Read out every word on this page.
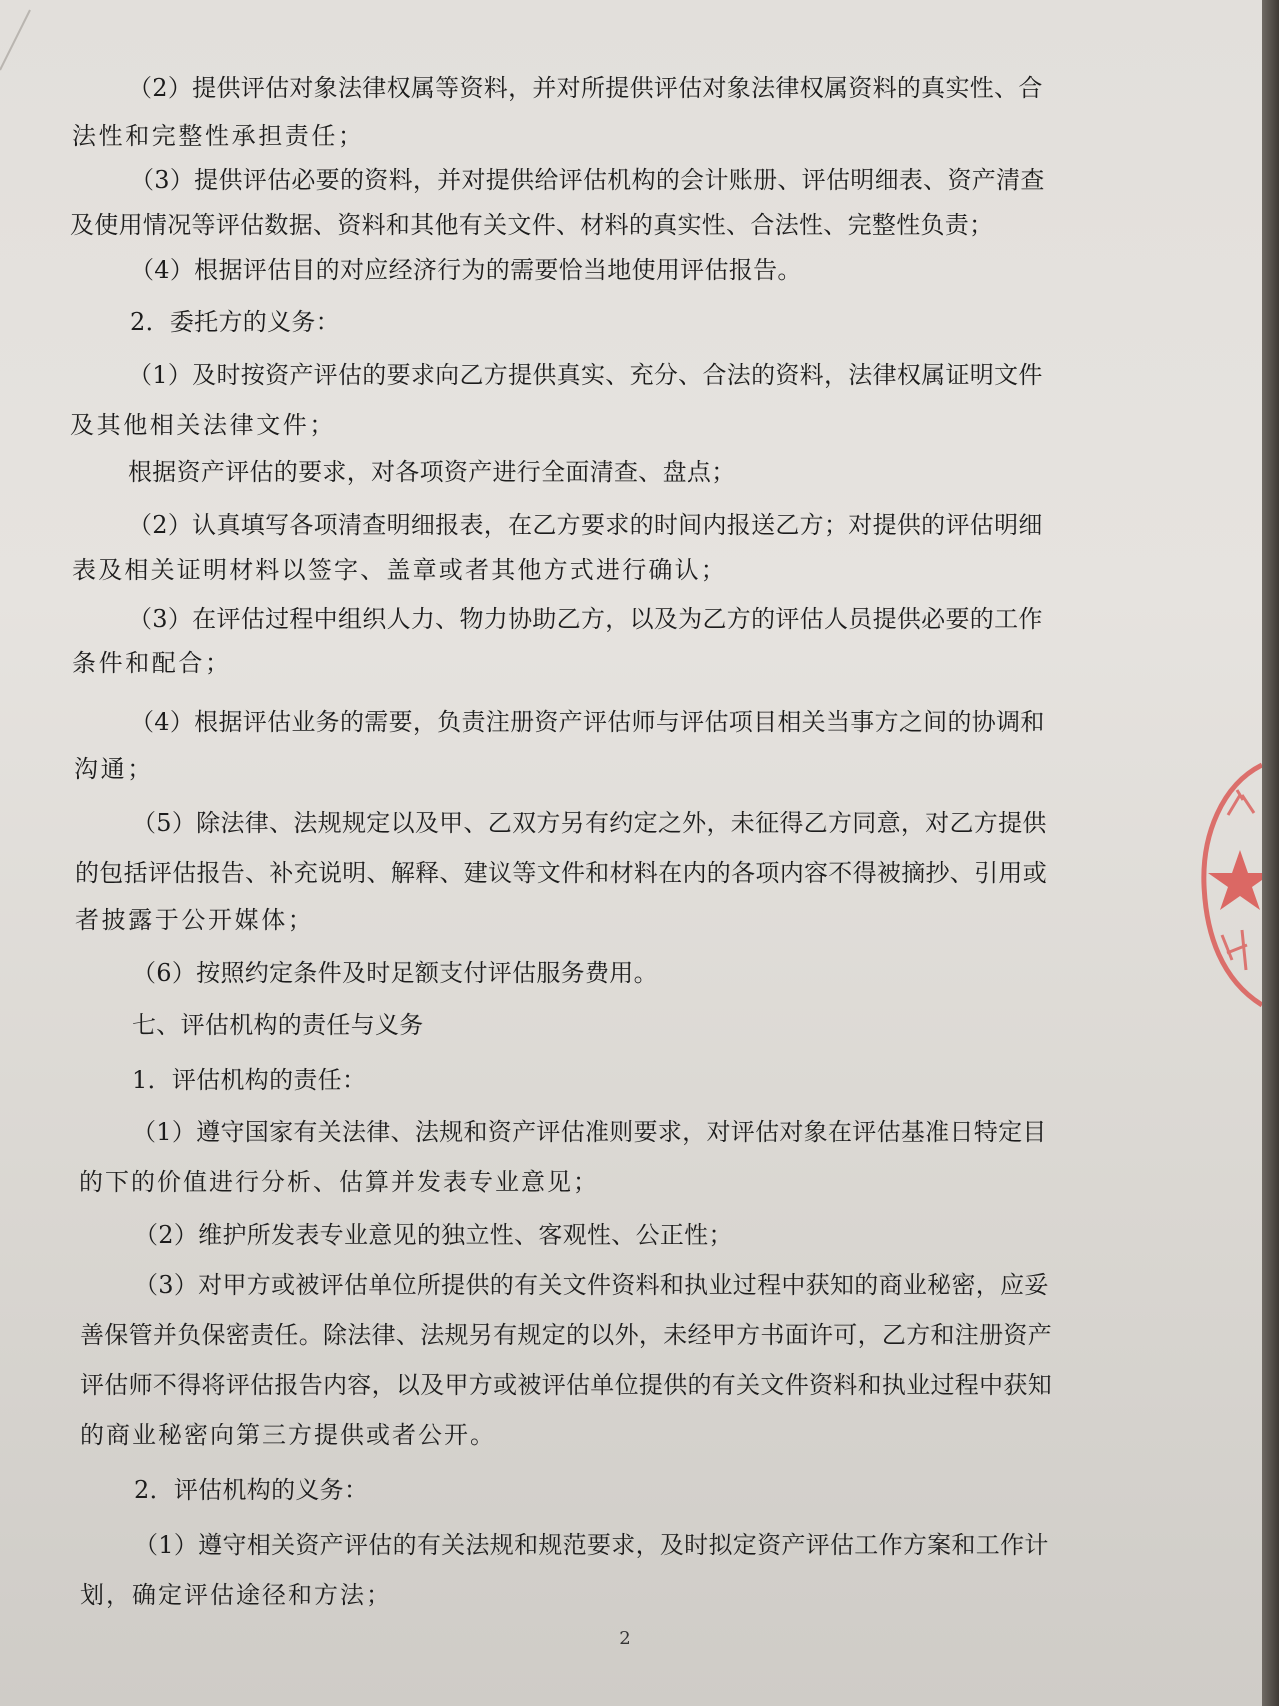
（2）提供评估对象法律权属等资料，并对所提供评估对象法律权属资料的真实性、合
法性和完整性承担责任；
（3）提供评估必要的资料，并对提供给评估机构的会计账册、评估明细表、资产清查
及使用情况等评估数据、资料和其他有关文件、材料的真实性、合法性、完整性负责；
（4）根据评估目的对应经济行为的需要恰当地使用评估报告。
2．委托方的义务：
（1）及时按资产评估的要求向乙方提供真实、充分、合法的资料，法律权属证明文件
及其他相关法律文件；
根据资产评估的要求，对各项资产进行全面清查、盘点；
（2）认真填写各项清查明细报表，在乙方要求的时间内报送乙方；对提供的评估明细
表及相关证明材料以签字、盖章或者其他方式进行确认；
（3）在评估过程中组织人力、物力协助乙方，以及为乙方的评估人员提供必要的工作
条件和配合；
（4）根据评估业务的需要，负责注册资产评估师与评估项目相关当事方之间的协调和
沟通；
（5）除法律、法规规定以及甲、乙双方另有约定之外，未征得乙方同意，对乙方提供
的包括评估报告、补充说明、解释、建议等文件和材料在内的各项内容不得被摘抄、引用或
者披露于公开媒体；
（6）按照约定条件及时足额支付评估服务费用。
七、评估机构的责任与义务
1．评估机构的责任：
（1）遵守国家有关法律、法规和资产评估准则要求，对评估对象在评估基准日特定目
的下的价值进行分析、估算并发表专业意见；
（2）维护所发表专业意见的独立性、客观性、公正性；
（3）对甲方或被评估单位所提供的有关文件资料和执业过程中获知的商业秘密，应妥
善保管并负保密责任。除法律、法规另有规定的以外，未经甲方书面许可，乙方和注册资产
评估师不得将评估报告内容，以及甲方或被评估单位提供的有关文件资料和执业过程中获知
的商业秘密向第三方提供或者公开。
2．评估机构的义务：
（1）遵守相关资产评估的有关法规和规范要求，及时拟定资产评估工作方案和工作计
划，确定评估途径和方法；
2
